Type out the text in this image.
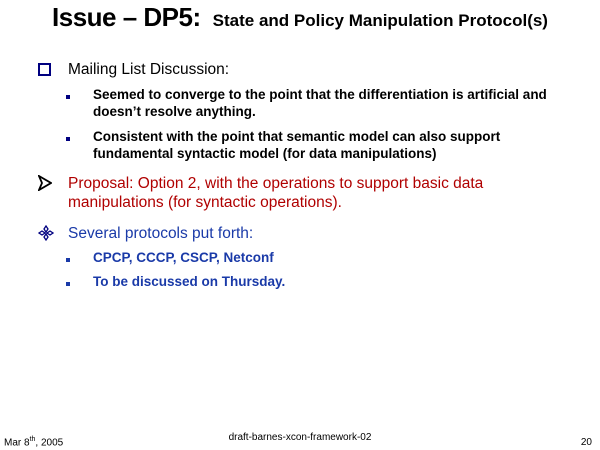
Issue – DP5: State and Policy Manipulation Protocol(s)
Mailing List Discussion:
Seemed to converge to the point that the differentiation is artificial and doesn’t resolve anything.
Consistent with the point that semantic model can also support fundamental syntactic model (for data manipulations)
Proposal: Option 2, with the operations to support basic data manipulations (for syntactic operations).
Several protocols put forth:
CPCP, CCCP, CSCP, Netconf
To be discussed on Thursday.
Mar 8th, 2005	draft-barnes-xcon-framework-02	20
